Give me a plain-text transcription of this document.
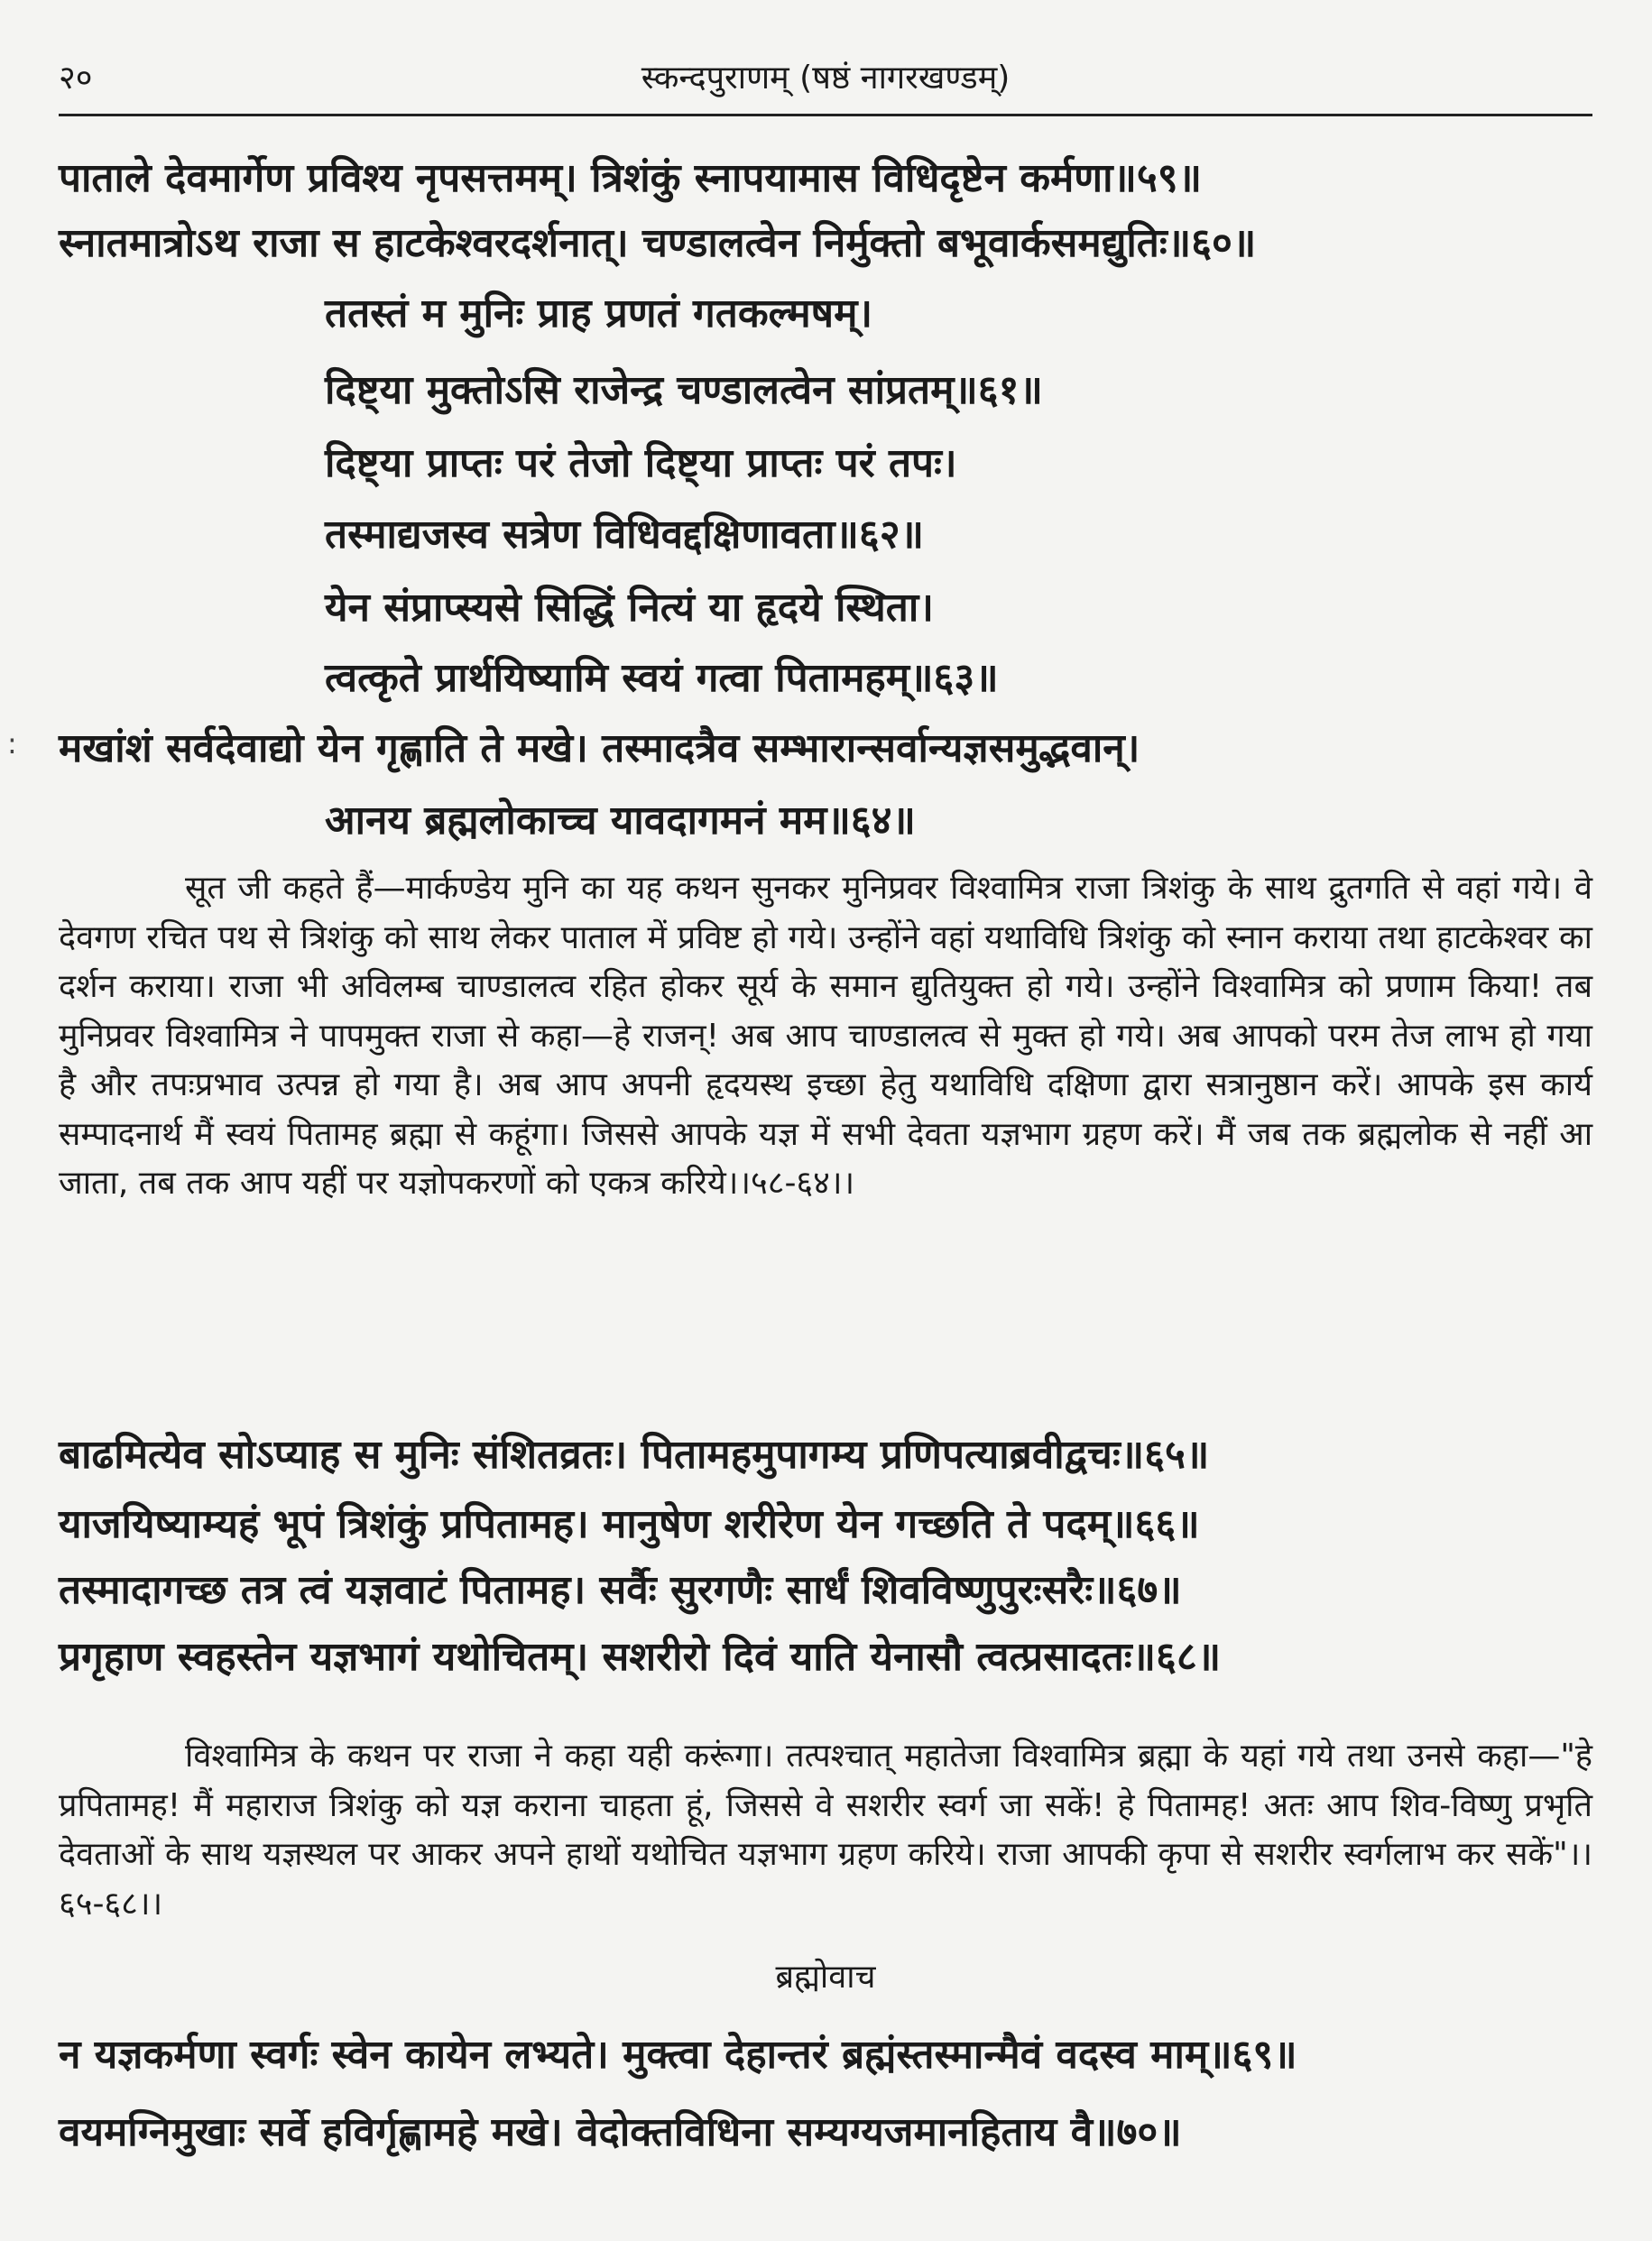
२०	स्कन्दपुराणम् (षष्ठं नागरखण्डम्)
पाताले देवमार्गेण प्रविश्य नृपसत्तमम्। त्रिशंकुं स्नापयामास विधिदृष्टेन कर्मणा॥५९॥
स्नातमात्रोऽथ राजा स हाटकेश्वरदर्शनात्। चण्डालत्वेन निर्मुक्तो बभूवार्कसमद्युतिः॥६०॥
ततस्तं म मुनिः प्राह प्रणतं गतकल्मषम्।
दिष्ट्या मुक्तोऽसि राजेन्द्र चण्डालत्वेन सांप्रतम्॥६१॥
दिष्ट्या प्राप्तः परं तेजो दिष्ट्या प्राप्तः परं तपः।
तस्माद्यजस्व सत्रेण विधिवद्दक्षिणावता॥६२॥
येन संप्राप्स्यसे सिद्धिं नित्यं या हृदये स्थिता।
त्वत्कृते प्रार्थयिष्यामि स्वयं गत्वा पितामहम्॥६३॥
मखांशं सर्वदेवाद्यो येन गृह्णाति ते मखे। तस्मादत्रैव सम्भारान्सर्वान्यज्ञसमुद्भवान्।
आनय ब्रह्मलोकाच्च यावदागमनं मम॥६४॥
:

सूत जी कहते हैं—मार्कण्डेय मुनि का यह कथन सुनकर मुनिप्रवर विश्वामित्र राजा त्रिशंकु के साथ द्रुतगति से वहां गये। वे देवगण रचित पथ से त्रिशंकु को साथ लेकर पाताल में प्रविष्ट हो गये। उन्होंने वहां यथाविधि त्रिशंकु को स्नान कराया तथा हाटकेश्वर का दर्शन कराया। राजा भी अविलम्ब चाण्डालत्व रहित होकर सूर्य के समान द्युतियुक्त हो गये। उन्होंने विश्वामित्र को प्रणाम किया! तब मुनिप्रवर विश्वामित्र ने पापमुक्त राजा से कहा—हे राजन्! अब आप चाण्डालत्व से मुक्त हो गये। अब आपको परम तेज लाभ हो गया है और तपःप्रभाव उत्पन्न हो गया है। अब आप अपनी हृदयस्थ इच्छा हेतु यथाविधि दक्षिणा द्वारा सत्रानुष्ठान करें। आपके इस कार्य सम्पादनार्थ मैं स्वयं पितामह ब्रह्मा से कहूंगा। जिससे आपके यज्ञ में सभी देवता यज्ञभाग ग्रहण करें। मैं जब तक ब्रह्मलोक से नहीं आ जाता, तब तक आप यहीं पर यज्ञोपकरणों को एकत्र करिये।।५८-६४।।

बाढमित्येव सोऽप्याह स मुनिः संशितव्रतः। पितामहमुपागम्य प्रणिपत्याब्रवीद्वचः॥६५॥
याजयिष्याम्यहं भूपं त्रिशंकुं प्रपितामह। मानुषेण शरीरेण येन गच्छति ते पदम्॥६६॥
तस्मादागच्छ तत्र त्वं यज्ञवाटं पितामह। सर्वैः सुरगणैः सार्धं शिवविष्णुपुरःसरैः॥६७॥
प्रगृहाण स्वहस्तेन यज्ञभागं यथोचितम्। सशरीरो दिवं याति येनासौ त्वत्प्रसादतः॥६८॥

विश्वामित्र के कथन पर राजा ने कहा यही करूंगा। तत्पश्चात् महातेजा विश्वामित्र ब्रह्मा के यहां गये तथा उनसे कहा—"हे प्रपितामह! मैं महाराज त्रिशंकु को यज्ञ कराना चाहता हूं, जिससे वे सशरीर स्वर्ग जा सकें! हे पितामह! अतः आप शिव-विष्णु प्रभृति देवताओं के साथ यज्ञस्थल पर आकर अपने हाथों यथोचित यज्ञभाग ग्रहण करिये। राजा आपकी कृपा से सशरीर स्वर्गलाभ कर सकें"।।६५-६८।।

ब्रह्मोवाच
न यज्ञकर्मणा स्वर्गः स्वेन कायेन लभ्यते। मुक्त्वा देहान्तरं ब्रह्मंस्तस्मान्मैवं वदस्व माम्॥६९॥
वयमग्निमुखाः सर्वे हविर्गृह्णामहे मखे। वेदोक्तविधिना सम्यग्यजमानहिताय वै॥७०॥
